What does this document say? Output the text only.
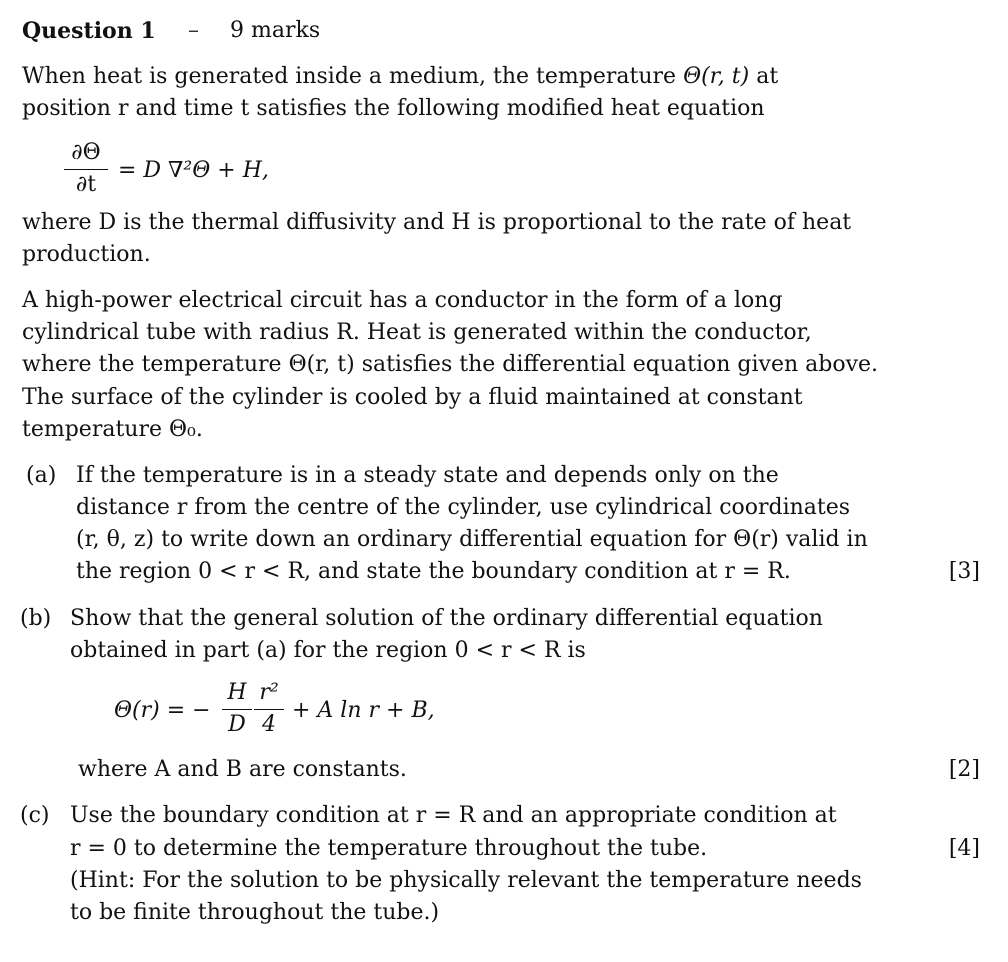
Question 1 – 9 marks
When heat is generated inside a medium, the temperature Θ(r, t) at
position r and time t satisfies the following modified heat equation
∂Θ
∂t
= D ∇²Θ + H,
where D is the thermal diffusivity and H is proportional to the rate of heat
production.
A high-power electrical circuit has a conductor in the form of a long
cylindrical tube with radius R. Heat is generated within the conductor,
where the temperature Θ(r, t) satisfies the differential equation given above.
The surface of the cylinder is cooled by a fluid maintained at constant
temperature Θ₀.
(a) If the temperature is in a steady state and depends only on the
distance r from the centre of the cylinder, use cylindrical coordinates
(r, θ, z) to write down an ordinary differential equation for Θ(r) valid in
the region 0 < r < R, and state the boundary condition at r = R.	[3]
(b) Show that the general solution of the ordinary differential equation
obtained in part (a) for the region 0 < r < R is
Θ(r) = −
H
D
r²
4
+ A ln r + B,
where A and B are constants.	[2]
(c) Use the boundary condition at r = R and an appropriate condition at
r = 0 to determine the temperature throughout the tube.	[4]
(Hint: For the solution to be physically relevant the temperature needs
to be finite throughout the tube.)
